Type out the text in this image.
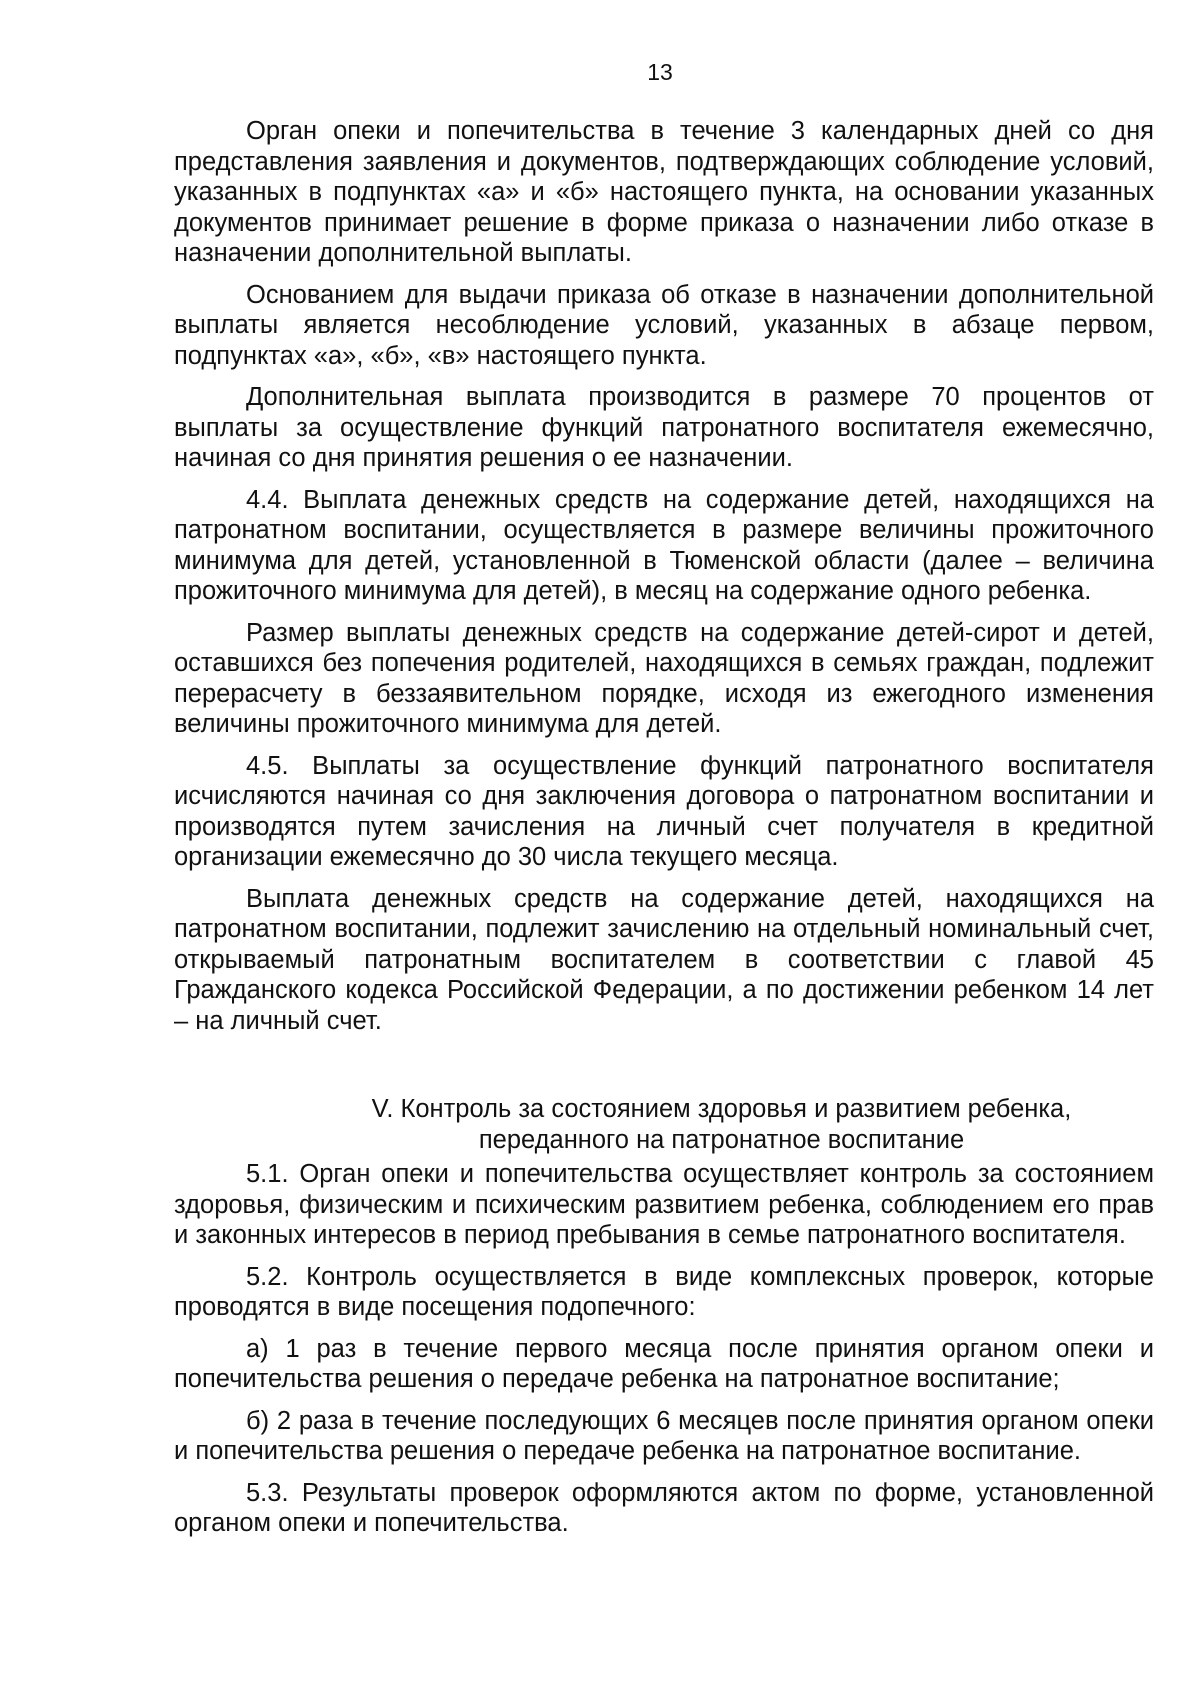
13

Орган опеки и попечительства в течение 3 календарных дней со дня представления заявления и документов, подтверждающих соблюдение условий, указанных в подпунктах «а» и «б» настоящего пункта, на основании указанных документов принимает решение в форме приказа о назначении либо отказе в назначении дополнительной выплаты.

Основанием для выдачи приказа об отказе в назначении дополнительной выплаты является несоблюдение условий, указанных в абзаце первом, подпунктах «а», «б», «в» настоящего пункта.

Дополнительная выплата производится в размере 70 процентов от выплаты за осуществление функций патронатного воспитателя ежемесячно, начиная со дня принятия решения о ее назначении.

4.4. Выплата денежных средств на содержание детей, находящихся на патронатном воспитании, осуществляется в размере величины прожиточного минимума для детей, установленной в Тюменской области (далее – величина прожиточного минимума для детей), в месяц на содержание одного ребенка.

Размер выплаты денежных средств на содержание детей-сирот и детей, оставшихся без попечения родителей, находящихся в семьях граждан, подлежит перерасчету в беззаявительном порядке, исходя из ежегодного изменения величины прожиточного минимума для детей.

4.5. Выплаты за осуществление функций патронатного воспитателя исчисляются начиная со дня заключения договора о патронатном воспитании и производятся путем зачисления на личный счет получателя в кредитной организации ежемесячно до 30 числа текущего месяца.

Выплата денежных средств на содержание детей, находящихся на патронатном воспитании, подлежит зачислению на отдельный номинальный счет, открываемый патронатным воспитателем в соответствии с главой 45 Гражданского кодекса Российской Федерации, а по достижении ребенком 14 лет – на личный счет.

V. Контроль за состоянием здоровья и развитием ребенка,
переданного на патронатное воспитание

5.1. Орган опеки и попечительства осуществляет контроль за состоянием здоровья, физическим и психическим развитием ребенка, соблюдением его прав и законных интересов в период пребывания в семье патронатного воспитателя.

5.2. Контроль осуществляется в виде комплексных проверок, которые проводятся в виде посещения подопечного:

а) 1 раз в течение первого месяца после принятия органом опеки и попечительства решения о передаче ребенка на патронатное воспитание;

б) 2 раза в течение последующих 6 месяцев после принятия органом опеки и попечительства решения о передаче ребенка на патронатное воспитание.

5.3. Результаты проверок оформляются актом по форме, установленной органом опеки и попечительства.
